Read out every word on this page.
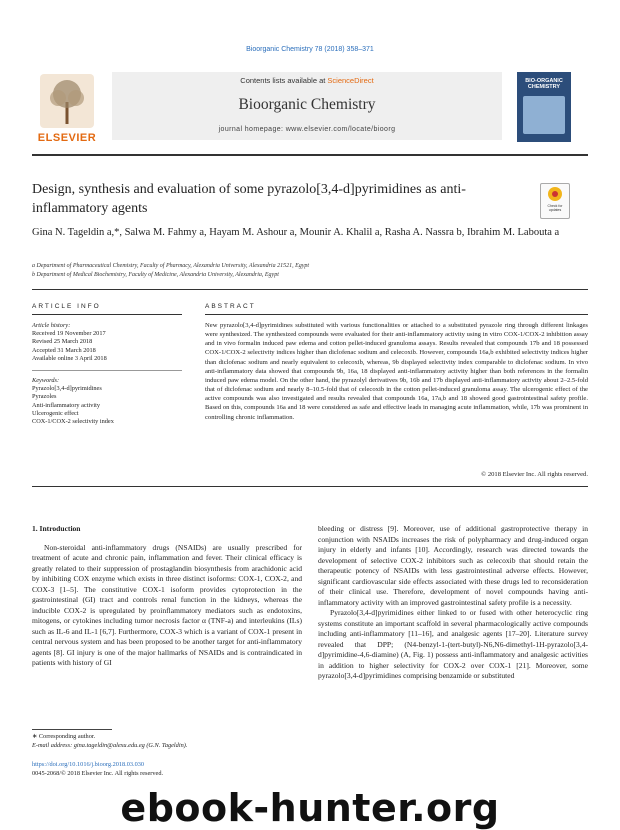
Bioorganic Chemistry 78 (2018) 358–371
ELSEVIER
Contents lists available at ScienceDirect
Bioorganic Chemistry
journal homepage: www.elsevier.com/locate/bioorg
BIO-ORGANIC CHEMISTRY
Design, synthesis and evaluation of some pyrazolo[3,4-d]pyrimidines as anti-inflammatory agents	Check for updates
Gina N. Tageldin a,*, Salwa M. Fahmy a, Hayam M. Ashour a, Mounir A. Khalil a, Rasha A. Nassra b, Ibrahim M. Labouta a
a Department of Pharmaceutical Chemistry, Faculty of Pharmacy, Alexandria University, Alexandria 21521, Egypt
b Department of Medical Biochemistry, Faculty of Medicine, Alexandria University, Alexandria, Egypt
ARTICLE INFO	ABSTRACT
Article history:
Received 19 November 2017
Revised 25 March 2018
Accepted 31 March 2018
Available online 3 April 2018
Keywords:
Pyrazolo[3,4-d]pyrimidines
Pyrazoles
Anti-inflammatory activity
Ulcerogenic effect
COX-1/COX-2 selectivity index
New pyrazolo[3,4-d]pyrimidines substituted with various functionalities or attached to a substituted pyrazole ring through different linkages were synthesized. The synthesized compounds were evaluated for their anti-inflammatory activity using in vitro COX-1/COX-2 inhibition assay and in vivo formalin induced paw edema and cotton pellet-induced granuloma assays. Results revealed that compounds 17b and 18 possessed COX-1/COX-2 selectivity indices higher than diclofenac sodium and celecoxib. However, compounds 16a,b exhibited selectivity indices higher than diclofenac sodium and nearly equivalent to celecoxib, whereas, 9b displayed selectivity index comparable to diclofenac sodium. In vivo anti-inflammatory data showed that compounds 9b, 16a, 18 displayed anti-inflammatory activity higher than both references in the formalin induced paw edema model. On the other hand, the pyrazolyl derivatives 9b, 16b and 17b displayed anti-inflammatory activity about 2–2.5-fold that of diclofenac sodium and nearly 8–10.5-fold that of celecoxib in the cotton pellet-induced granuloma assay. The ulcerogenic effect of the active compounds was also investigated and results revealed that compounds 16a, 17a,b and 18 showed good gastrointestinal safety profile. Based on this, compounds 16a and 18 were considered as safe and effective leads in managing acute inflammation, while, 17b was prominent in controlling chronic inflammation.
© 2018 Elsevier Inc. All rights reserved.
1. Introduction

Non-steroidal anti-inflammatory drugs (NSAIDs) are usually prescribed for treatment of acute and chronic pain, inflammation and fever. Their clinical efficacy is greatly related to their suppression of prostaglandin biosynthesis from arachidonic acid by inhibiting COX enzyme which exists in three distinct isoforms: COX-1, COX-2, and COX-3 [1–5]. The constitutive COX-1 isoform provides cytoprotection in the gastrointestinal (GI) tract and controls renal function in the kidneys, whereas the inducible COX-2 is upregulated by proinflammatory mediators such as endotoxins, mitogens, or cytokines including tumor necrosis factor α (TNF-a) and interleukins (ILs) such as IL-6 and IL-1 [6,7]. Furthermore, COX-3 which is a variant of COX-1 present in central nervous system and has been proposed to be another target for anti-inflammatory agents [8]. GI injury is one of the major hallmarks of NSAIDs and is contraindicated in patients with history of GI

bleeding or distress [9]. Moreover, use of additional gastroprotective therapy in conjunction with NSAIDs increases the risk of polypharmacy and drug-induced organ injury in elderly and infants [10]. Accordingly, research was directed towards the development of selective COX-2 inhibitors such as celecoxib that should retain the therapeutic potency of NSAIDs with less gastrointestinal adverse effects. However, significant cardiovascular side effects associated with these drugs led to reconsideration of their clinical use. Therefore, development of novel compounds having anti-inflammatory activity with an improved gastrointestinal safety profile is a necessity.

Pyrazolo[3,4-d]pyrimidines either linked to or fused with other heterocyclic ring systems constitute an important scaffold in several pharmacologically active compounds including anti-inflammatory [11–16], and analgesic agents [17–20]. Literature survey revealed that DPP; (N4-benzyl-1-(tert-butyl)-N6,N6-dimethyl-1H-pyrazolo[3,4-d]pyrimidine-4,6-diamine) (A, Fig. 1) possess anti-inflammatory and analgesic activities in addition to higher selectivity for COX-2 over COX-1 [21]. Moreover, some pyrazolo[3,4-d]pyrimidines comprising benzamide or substituted

∗ Corresponding author.
E-mail address: gina.tageldin@alexu.edu.eg (G.N. Tageldin).
https://doi.org/10.1016/j.bioorg.2018.03.030
0045-2068/© 2018 Elsevier Inc. All rights reserved.
ebook-hunter.org
